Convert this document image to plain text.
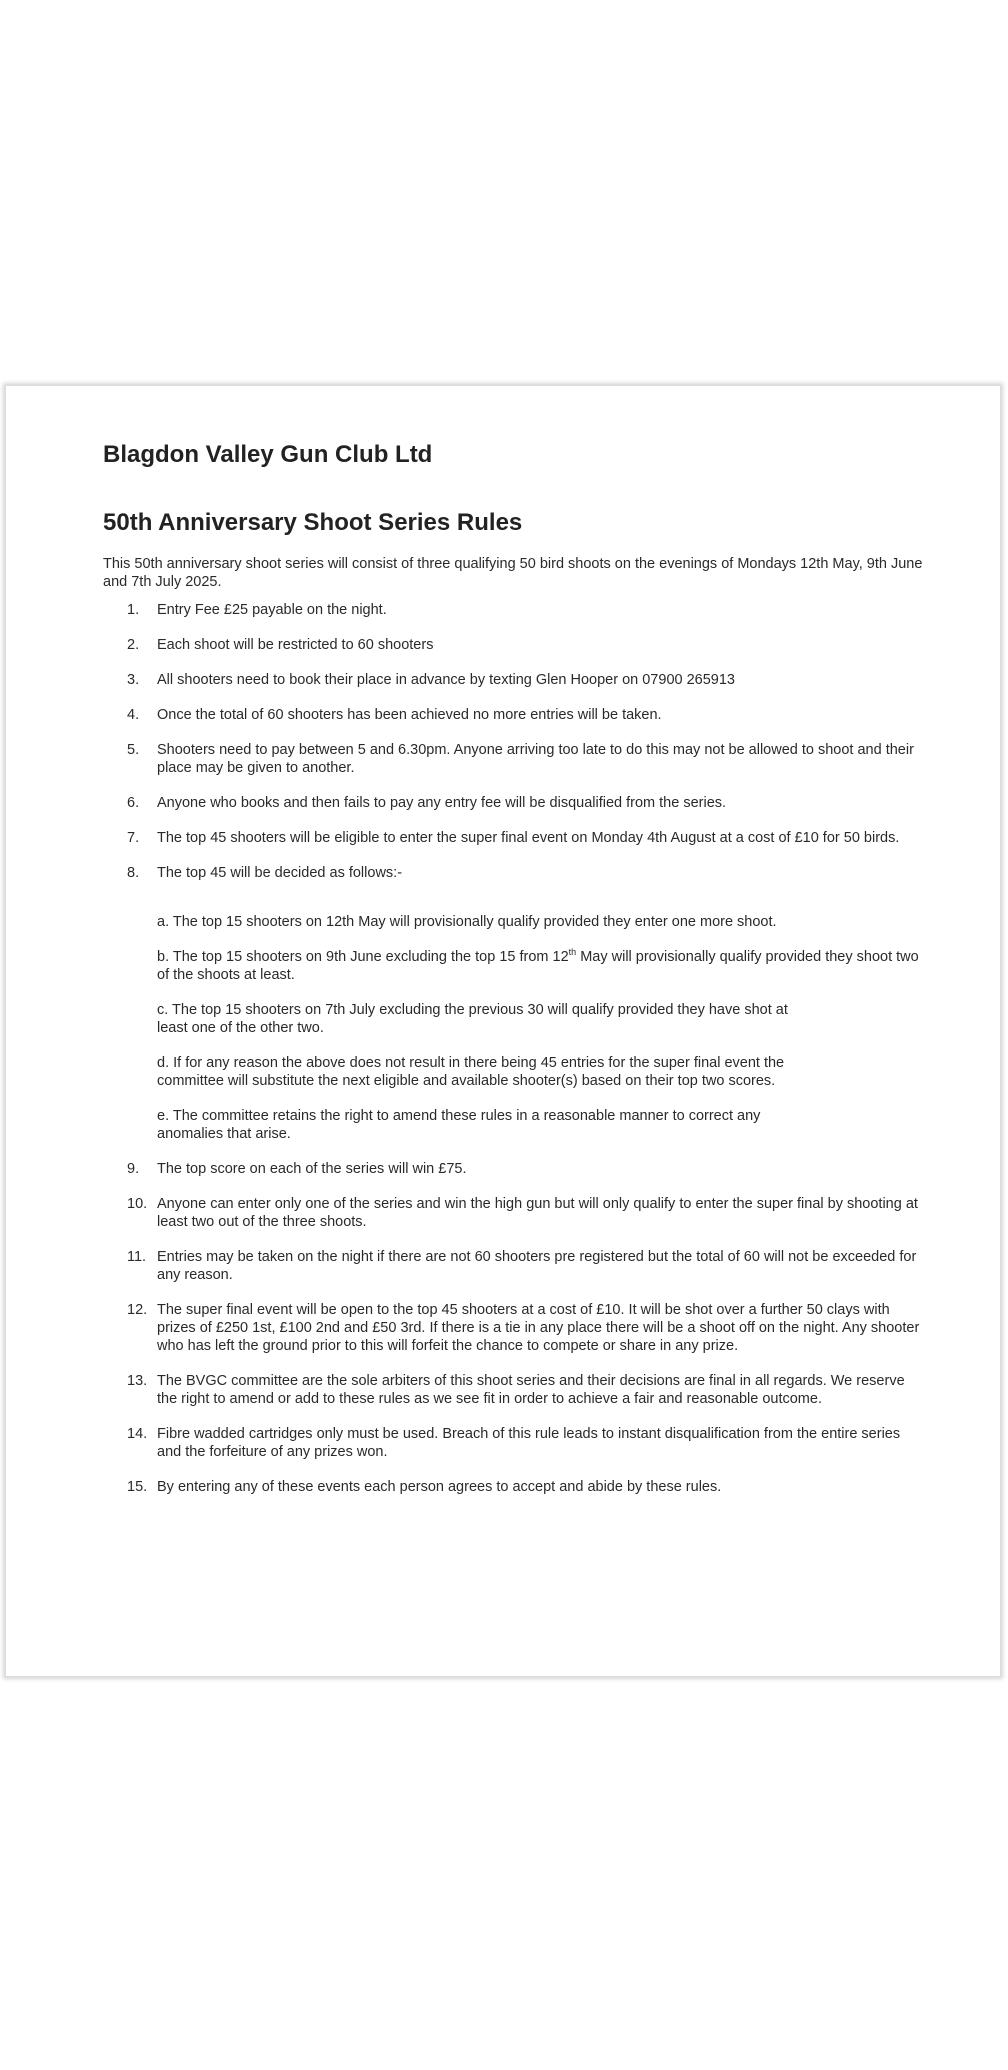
Blagdon Valley Gun Club Ltd
50th Anniversary Shoot Series Rules

This 50th anniversary shoot series will consist of three qualifying 50 bird shoots on the evenings of Mondays 12th May, 9th June and 7th July 2025.

1. Entry Fee £25 payable on the night.
2. Each shoot will be restricted to 60 shooters
3. All shooters need to book their place in advance by texting Glen Hooper on 07900 265913
4. Once the total of 60 shooters has been achieved no more entries will be taken.
5. Shooters need to pay between 5 and 6.30pm. Anyone arriving too late to do this may not be allowed to shoot and their place may be given to another.
6. Anyone who books and then fails to pay any entry fee will be disqualified from the series.
7. The top 45 shooters will be eligible to enter the super final event on Monday 4th August at a cost of £10 for 50 birds.
8. The top 45 will be decided as follows:-
a. The top 15 shooters on 12th May will provisionally qualify provided they enter one more shoot.
b. The top 15 shooters on 9th June excluding the top 15 from 12th May will provisionally qualify provided they shoot two of the shoots at least.
c. The top 15 shooters on 7th July excluding the previous 30 will qualify provided they have shot at least one of the other two.
d. If for any reason the above does not result in there being 45 entries for the super final event the committee will substitute the next eligible and available shooter(s) based on their top two scores.
e. The committee retains the right to amend these rules in a reasonable manner to correct any anomalies that arise.
9. The top score on each of the series will win £75.
10. Anyone can enter only one of the series and win the high gun but will only qualify to enter the super final by shooting at least two out of the three shoots.
11. Entries may be taken on the night if there are not 60 shooters pre registered but the total of 60 will not be exceeded for any reason.
12. The super final event will be open to the top 45 shooters at a cost of £10. It will be shot over a further 50 clays with prizes of £250 1st, £100 2nd and £50 3rd. If there is a tie in any place there will be a shoot off on the night. Any shooter who has left the ground prior to this will forfeit the chance to compete or share in any prize.
13. The BVGC committee are the sole arbiters of this shoot series and their decisions are final in all regards. We reserve the right to amend or add to these rules as we see fit in order to achieve a fair and reasonable outcome.
14. Fibre wadded cartridges only must be used. Breach of this rule leads to instant disqualification from the entire series and the forfeiture of any prizes won.
15. By entering any of these events each person agrees to accept and abide by these rules.
